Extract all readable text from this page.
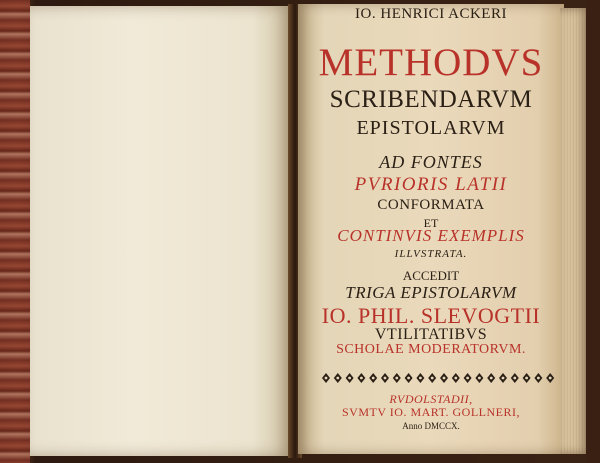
IO. HENRICI ACKERI
METHODVS
SCRIBENDARVM
EPISTOLARVM
AD FONTES
PVRIORIS LATII
CONFORMATA
ET
CONTINVIS EXEMPLIS
ILLVSTRATA.
ACCEDIT
TRIGA EPISTOLARVM
IO. PHIL. SLEVOGTII
VTILITATIBVS
SCHOLAE MODERATORVM.
RVDOLSTADII,
SVMTV IO. MART. GOLLNERI,
Anno DMCCX.
